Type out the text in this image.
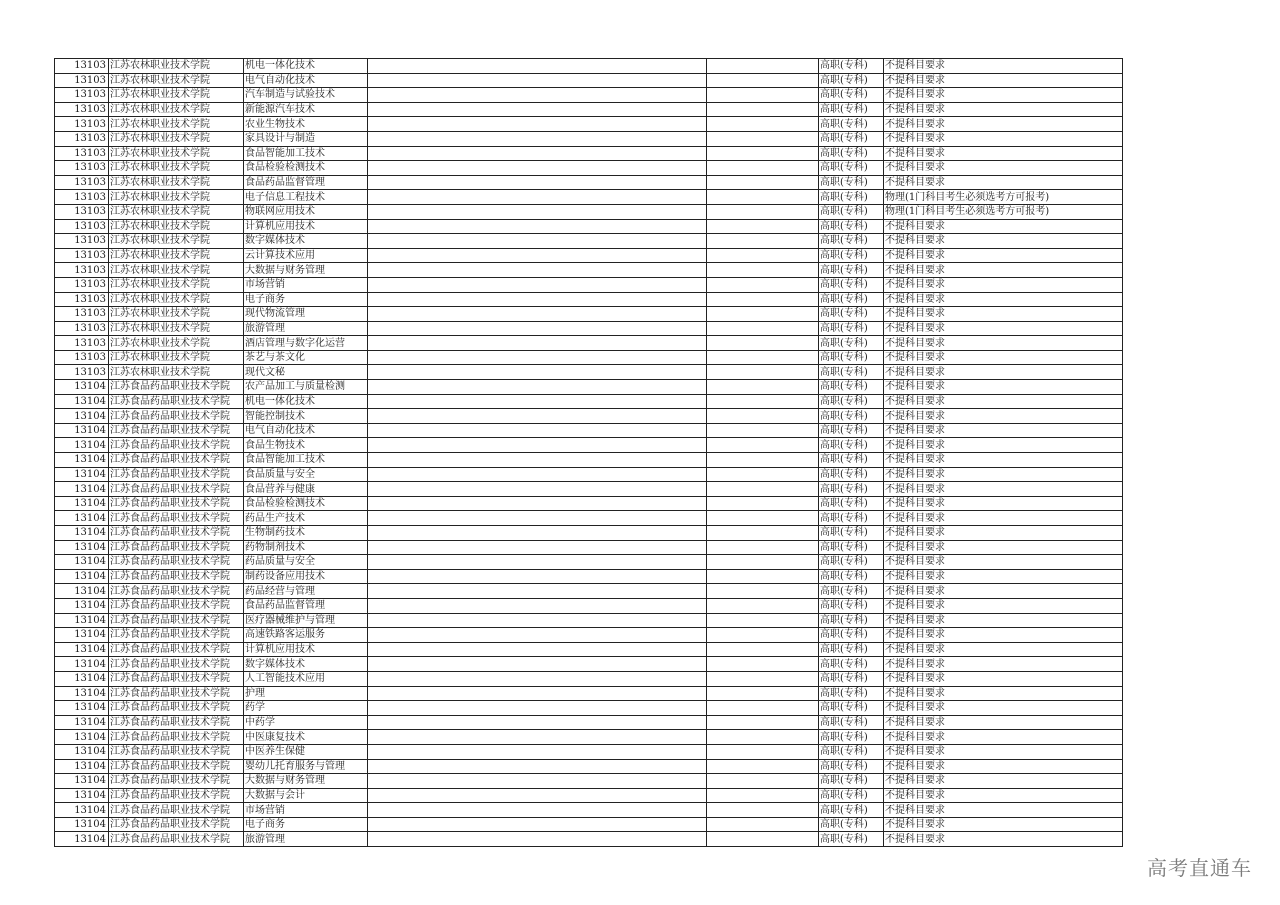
13103	江苏农林职业技术学院	机电一体化技术			高职(专科)	不提科目要求
13103	江苏农林职业技术学院	电气自动化技术			高职(专科)	不提科目要求
13103	江苏农林职业技术学院	汽车制造与试验技术			高职(专科)	不提科目要求
13103	江苏农林职业技术学院	新能源汽车技术			高职(专科)	不提科目要求
13103	江苏农林职业技术学院	农业生物技术			高职(专科)	不提科目要求
13103	江苏农林职业技术学院	家具设计与制造			高职(专科)	不提科目要求
13103	江苏农林职业技术学院	食品智能加工技术			高职(专科)	不提科目要求
13103	江苏农林职业技术学院	食品检验检测技术			高职(专科)	不提科目要求
13103	江苏农林职业技术学院	食品药品监督管理			高职(专科)	不提科目要求
13103	江苏农林职业技术学院	电子信息工程技术			高职(专科)	物理(1门科目考生必须选考方可报考)
13103	江苏农林职业技术学院	物联网应用技术			高职(专科)	物理(1门科目考生必须选考方可报考)
13103	江苏农林职业技术学院	计算机应用技术			高职(专科)	不提科目要求
13103	江苏农林职业技术学院	数字媒体技术			高职(专科)	不提科目要求
13103	江苏农林职业技术学院	云计算技术应用			高职(专科)	不提科目要求
13103	江苏农林职业技术学院	大数据与财务管理			高职(专科)	不提科目要求
13103	江苏农林职业技术学院	市场营销			高职(专科)	不提科目要求
13103	江苏农林职业技术学院	电子商务			高职(专科)	不提科目要求
13103	江苏农林职业技术学院	现代物流管理			高职(专科)	不提科目要求
13103	江苏农林职业技术学院	旅游管理			高职(专科)	不提科目要求
13103	江苏农林职业技术学院	酒店管理与数字化运营			高职(专科)	不提科目要求
13103	江苏农林职业技术学院	茶艺与茶文化			高职(专科)	不提科目要求
13103	江苏农林职业技术学院	现代文秘			高职(专科)	不提科目要求
13104	江苏食品药品职业技术学院	农产品加工与质量检测			高职(专科)	不提科目要求
13104	江苏食品药品职业技术学院	机电一体化技术			高职(专科)	不提科目要求
13104	江苏食品药品职业技术学院	智能控制技术			高职(专科)	不提科目要求
13104	江苏食品药品职业技术学院	电气自动化技术			高职(专科)	不提科目要求
13104	江苏食品药品职业技术学院	食品生物技术			高职(专科)	不提科目要求
13104	江苏食品药品职业技术学院	食品智能加工技术			高职(专科)	不提科目要求
13104	江苏食品药品职业技术学院	食品质量与安全			高职(专科)	不提科目要求
13104	江苏食品药品职业技术学院	食品营养与健康			高职(专科)	不提科目要求
13104	江苏食品药品职业技术学院	食品检验检测技术			高职(专科)	不提科目要求
13104	江苏食品药品职业技术学院	药品生产技术			高职(专科)	不提科目要求
13104	江苏食品药品职业技术学院	生物制药技术			高职(专科)	不提科目要求
13104	江苏食品药品职业技术学院	药物制剂技术			高职(专科)	不提科目要求
13104	江苏食品药品职业技术学院	药品质量与安全			高职(专科)	不提科目要求
13104	江苏食品药品职业技术学院	制药设备应用技术			高职(专科)	不提科目要求
13104	江苏食品药品职业技术学院	药品经营与管理			高职(专科)	不提科目要求
13104	江苏食品药品职业技术学院	食品药品监督管理			高职(专科)	不提科目要求
13104	江苏食品药品职业技术学院	医疗器械维护与管理			高职(专科)	不提科目要求
13104	江苏食品药品职业技术学院	高速铁路客运服务			高职(专科)	不提科目要求
13104	江苏食品药品职业技术学院	计算机应用技术			高职(专科)	不提科目要求
13104	江苏食品药品职业技术学院	数字媒体技术			高职(专科)	不提科目要求
13104	江苏食品药品职业技术学院	人工智能技术应用			高职(专科)	不提科目要求
13104	江苏食品药品职业技术学院	护理			高职(专科)	不提科目要求
13104	江苏食品药品职业技术学院	药学			高职(专科)	不提科目要求
13104	江苏食品药品职业技术学院	中药学			高职(专科)	不提科目要求
13104	江苏食品药品职业技术学院	中医康复技术			高职(专科)	不提科目要求
13104	江苏食品药品职业技术学院	中医养生保健			高职(专科)	不提科目要求
13104	江苏食品药品职业技术学院	婴幼儿托育服务与管理			高职(专科)	不提科目要求
13104	江苏食品药品职业技术学院	大数据与财务管理			高职(专科)	不提科目要求
13104	江苏食品药品职业技术学院	大数据与会计			高职(专科)	不提科目要求
13104	江苏食品药品职业技术学院	市场营销			高职(专科)	不提科目要求
13104	江苏食品药品职业技术学院	电子商务			高职(专科)	不提科目要求
13104	江苏食品药品职业技术学院	旅游管理			高职(专科)	不提科目要求
高考直通车
